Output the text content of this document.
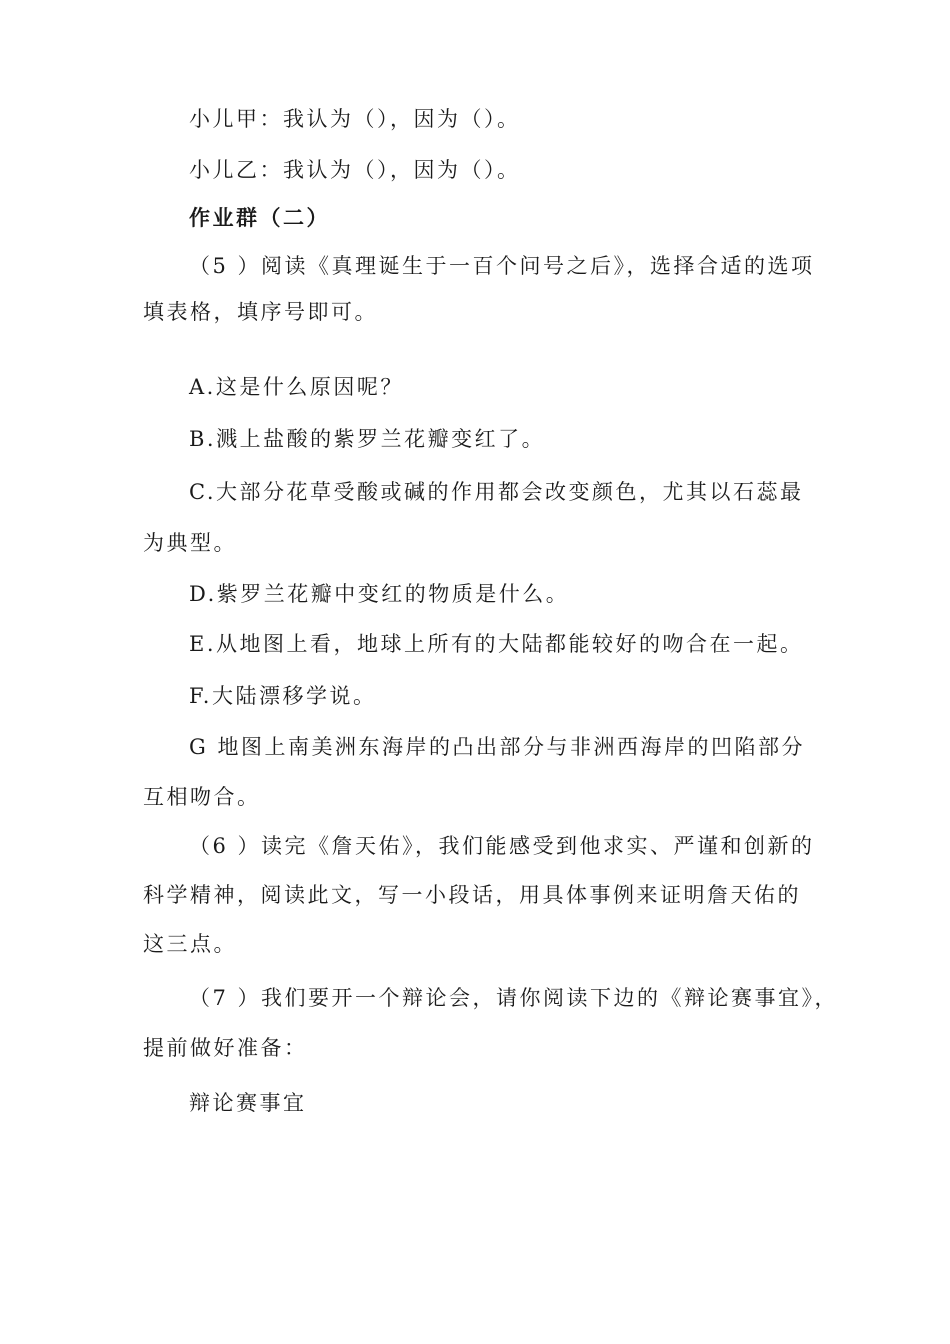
小儿甲：我认为（），因为（）。
小儿乙：我认为（），因为（）。
作业群（二）
（5 ）阅读《真理诞生于一百个问号之后》，选择合适的选项
填表格，填序号即可。
A.这是什么原因呢？
B.溅上盐酸的紫罗兰花瓣变红了。
C.大部分花草受酸或碱的作用都会改变颜色，尤其以石蕊最
为典型。
D.紫罗兰花瓣中变红的物质是什么。
E.从地图上看，地球上所有的大陆都能较好的吻合在一起。
F.大陆漂移学说。
G 地图上南美洲东海岸的凸出部分与非洲西海岸的凹陷部分
互相吻合。
（6 ）读完《詹天佑》，我们能感受到他求实、严谨和创新的
科学精神，阅读此文，写一小段话，用具体事例来证明詹天佑的
这三点。
（7 ）我们要开一个辩论会，请你阅读下边的《辩论赛事宜》，
提前做好准备：
辩论赛事宜
